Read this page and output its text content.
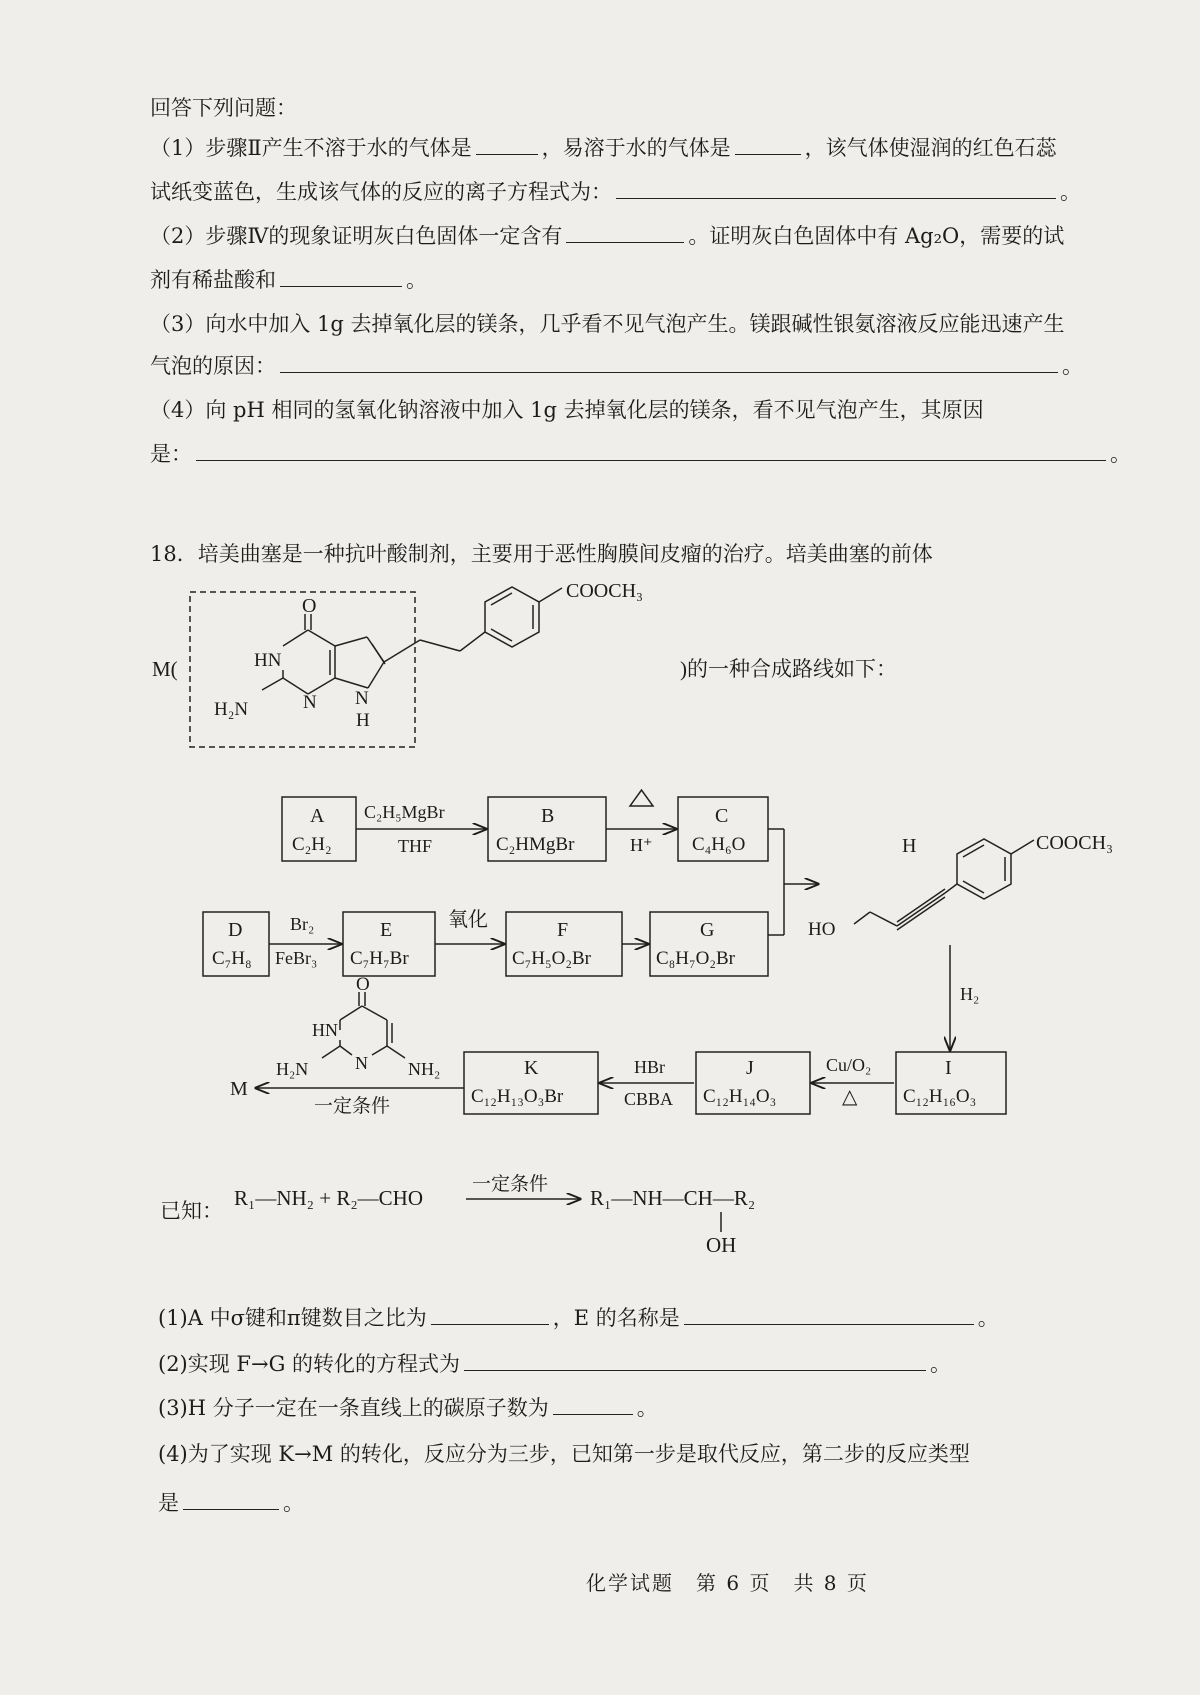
回答下列问题：
（1）步骤Ⅱ产生不溶于水的气体是	，易溶于水的气体是	，该气体使湿润的红色石蕊
试纸变蓝色，生成该气体的反应的离子方程式为：	。
（2）步骤Ⅳ的现象证明灰白色固体一定含有	。证明灰白色固体中有 Ag₂O，需要的试
剂有稀盐酸和	。
（3）向水中加入 1g 去掉氧化层的镁条，几乎看不见气泡产生。镁跟碱性银氨溶液反应能迅速产生
气泡的原因：	。
（4）向 pH 相同的氢氧化钠溶液中加入 1g 去掉氧化层的镁条，看不见气泡产生，其原因
是：	。
18．培美曲塞是一种抗叶酸制剂，主要用于恶性胸膜间皮瘤的治疗。培美曲塞的前体
M(	)的一种合成路线如下：
O
HN
H₂N	N N
H
COOCH₃
A
C₂H₂
B
C₂HMgBr
C
C₄H₆O
C₂H₅MgBr
THF	H⁺
D
C₇H₈
E
C₇H₇Br
F
C₇H₅O₂Br
G
C₈H₇O₂Br
Br₂
FeBr₃
氧化
H	COOCH₃
HO
H₂
I
C₁₂H₁₆O₃
J
C₁₂H₁₄O₃
K
C₁₂H₁₃O₃Br
Cu/O₂
△
HBr
CBBA
一定条件
M
O
HN
H₂N	N NH₂
已知：
R₁—NH₂ + R₂—CHO
一定条件
R₁—NH—CH—R₂
OH
(1)A 中σ键和π键数目之比为	，E 的名称是	。
(2)实现 F→G 的转化的方程式为	。
(3)H 分子一定在一条直线上的碳原子数为	。
(4)为了实现 K→M 的转化，反应分为三步，已知第一步是取代反应，第二步的反应类型
是	。
化学试题　第 6 页　共 8 页
